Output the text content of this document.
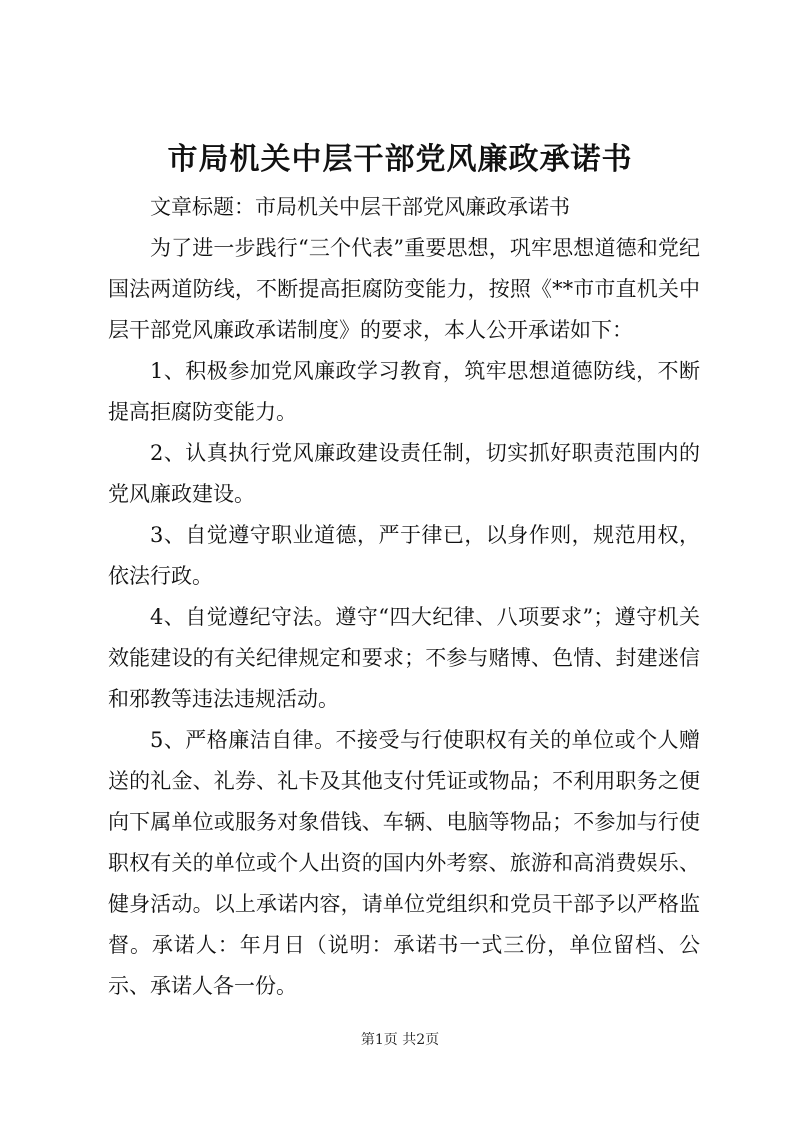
市局机关中层干部党风廉政承诺书

文章标题：市局机关中层干部党风廉政承诺书

为了进一步践行“三个代表”重要思想，巩牢思想道德和党纪国法两道防线，不断提高拒腐防变能力，按照《**市市直机关中层干部党风廉政承诺制度》的要求，本人公开承诺如下：

1、积极参加党风廉政学习教育，筑牢思想道德防线，不断提高拒腐防变能力。

2、认真执行党风廉政建设责任制，切实抓好职责范围内的党风廉政建设。

3、自觉遵守职业道德，严于律已，以身作则，规范用权，依法行政。

4、自觉遵纪守法。遵守“四大纪律、八项要求”；遵守机关效能建设的有关纪律规定和要求；不参与赌博、色情、封建迷信和邪教等违法违规活动。

5、严格廉洁自律。不接受与行使职权有关的单位或个人赠送的礼金、礼券、礼卡及其他支付凭证或物品；不利用职务之便向下属单位或服务对象借钱、车辆、电脑等物品；不参加与行使职权有关的单位或个人出资的国内外考察、旅游和高消费娱乐、健身活动。以上承诺内容，请单位党组织和党员干部予以严格监督。承诺人：年月日（说明：承诺书一式三份，单位留档、公示、承诺人各一份。

第1页 共2页
